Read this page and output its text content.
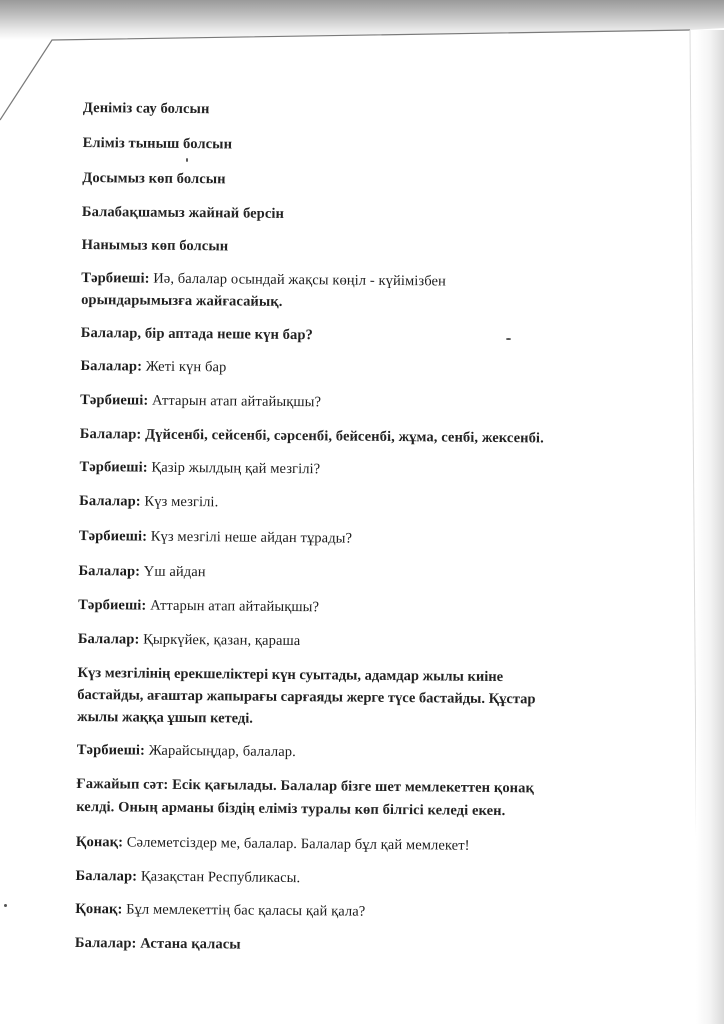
Деніміз сау болсын
Еліміз тыныш болсын
Досымыз көп болсын
Балабақшамыз жайнай берсін
Нанымыз көп болсын
Тәрбиеші: Иә, балалар осындай жақсы көңіл - күйімізбен
орындарымызға жайғасайық.
Балалар, бір аптада неше күн бар?
Балалар: Жеті күн бар
Тәрбиеші: Аттарын атап айтайықшы?
Балалар: Дүйсенбі, сейсенбі, сәрсенбі, бейсенбі, жұма, сенбі, жексенбі.
Тәрбиеші: Қазір жылдың қай мезгілі?
Балалар: Күз мезгілі.
Тәрбиеші: Күз мезгілі неше айдан тұрады?
Балалар: Үш айдан
Тәрбиеші: Аттарын атап айтайықшы?
Балалар: Қыркүйек, қазан, қараша
Күз мезгілінің ерекшеліктері күн суытады, адамдар жылы киіне
бастайды, ағаштар жапырағы сарғаяды жерге түсе бастайды. Құстар
жылы жаққа ұшып кетеді.
Тәрбиеші: Жарайсыңдар, балалар.
Ғажайып сәт: Есік қағылады. Балалар бізге шет мемлекеттен қонақ
келді. Оның арманы біздің еліміз туралы көп білгісі келеді екен.
Қонақ: Сәлеметсіздер ме, балалар. Балалар бұл қай мемлекет!
Балалар: Қазақстан Республикасы.
Қонақ: Бұл мемлекеттің бас қаласы қай қала?
Балалар: Астана қаласы
